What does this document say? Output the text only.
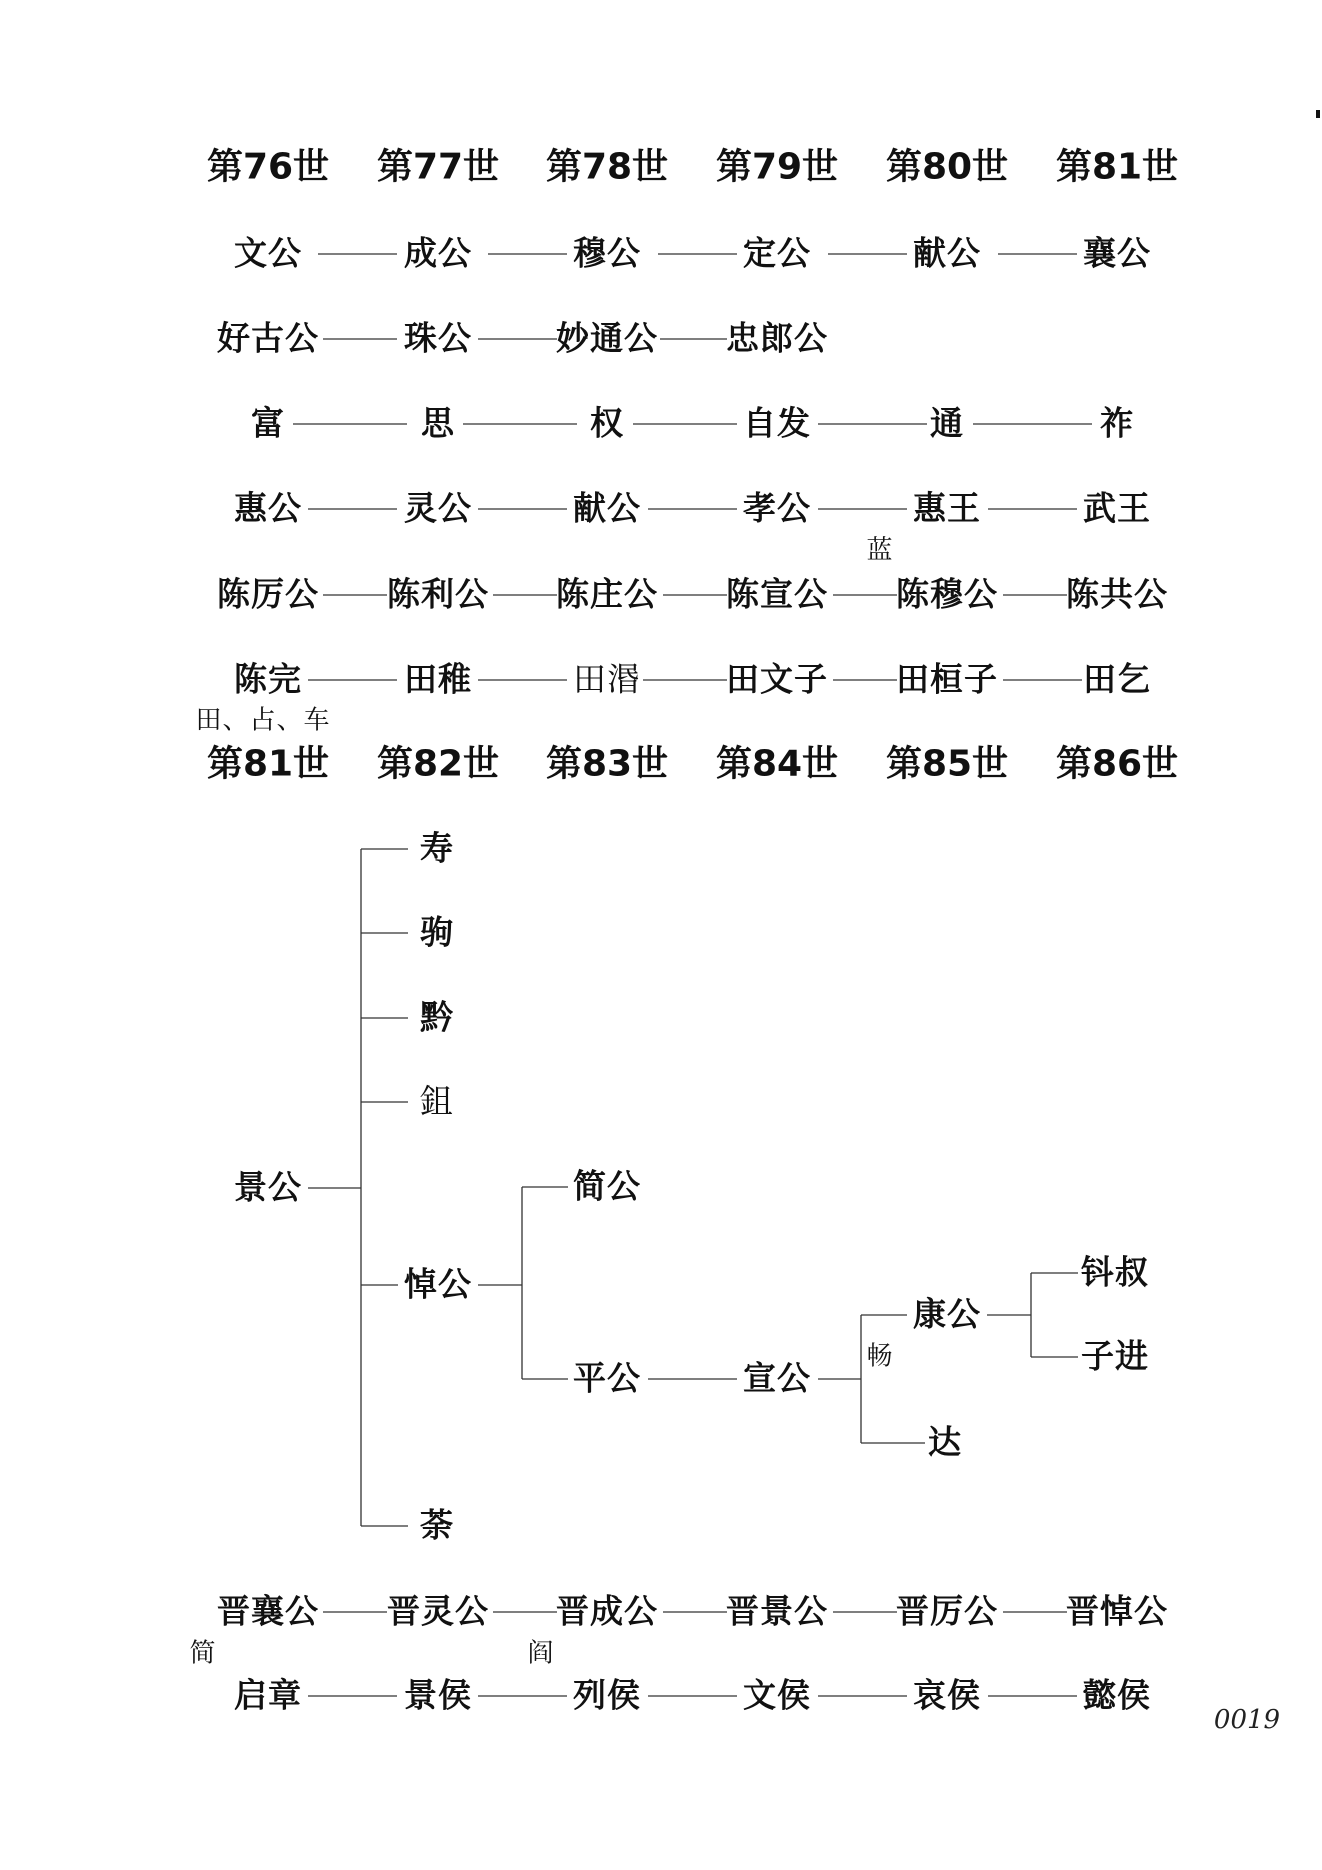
第76世 第77世 第78世 第79世 第80世 第81世
文公	成公	穆公	定公	献公	襄公
好古公	珠公	妙通公 忠郎公
富	思	权	自发	通	祚
惠公	灵公	献公	孝公	惠王	武王
蓝
陈厉公 陈利公 陈庄公 陈宣公 陈穆公 陈共公
陈完	田稚	田湣	田文子 田桓子	田乞
田、占、车
第81世 第82世 第83世 第84世 第85世 第86世
景公
寿
驹
黔
鉏
悼公
荼
简公
平公	宣公
康公
达
畅
钭叔
子进
晋襄公 晋灵公 晋成公 晋景公 晋厉公 晋悼公
简	阎
启章	景侯	列侯	文侯	哀侯	懿侯
0019
